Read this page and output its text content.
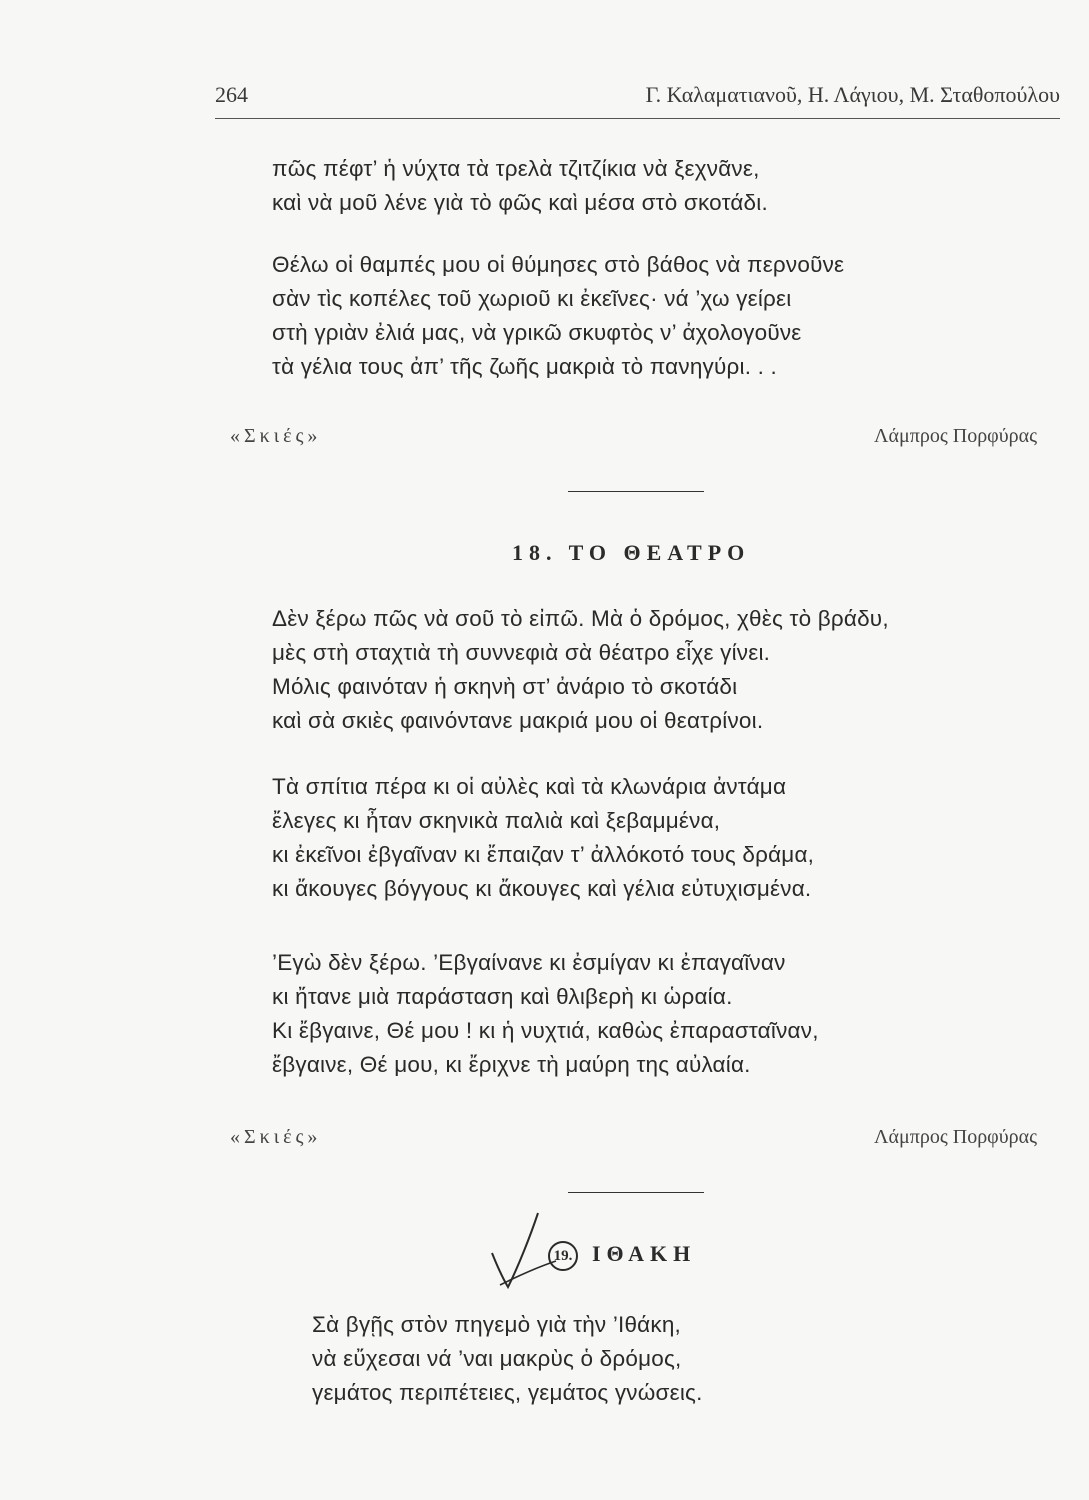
264	Γ. Καλαματιανοῦ, Η. Λάγιου, Μ. Σταθοπούλου
πῶς πέφτ’ ἡ νύχτα τὰ τρελὰ τζιτζίκια νὰ ξεχνᾶνε,
καὶ νὰ μοῦ λένε γιὰ τὸ φῶς καὶ μέσα στὸ σκοτάδι.
Θέλω οἱ θαμπές μου οἱ θύμησες στὸ βάθος νὰ περνοῦνε
σὰν τὶς κοπέλες τοῦ χωριοῦ κι ἐκεῖνες· νά ’χω γείρει
στὴ γριὰν ἐλιά μας, νὰ γρικῶ σκυφτὸς ν’ ἀχολογοῦνε
τὰ γέλια τους ἀπ’ τῆς ζωῆς μακριὰ τὸ πανηγύρι. . .
«Σκιές»	Λάμπρος Πορφύρας
18. ΤΟ ΘΕΑΤΡΟ
Δὲν ξέρω πῶς νὰ σοῦ τὸ εἰπῶ. Μὰ ὁ δρόμος, χθὲς τὸ βράδυ,
μὲς στὴ σταχτιὰ τὴ συννεφιὰ σὰ θέατρο εἶχε γίνει.
Μόλις φαινόταν ἡ σκηνὴ στ’ ἀνάριο τὸ σκοτάδι
καὶ σὰ σκιὲς φαινόντανε μακριά μου οἱ θεατρίνοι.
Τὰ σπίτια πέρα κι οἱ αὐλὲς καὶ τὰ κλωνάρια ἀντάμα
ἔλεγες κι ἦταν σκηνικὰ παλιὰ καὶ ξεβαμμένα,
κι ἐκεῖνοι ἐβγαῖναν κι ἔπαιζαν τ’ ἀλλόκοτό τους δράμα,
κι ἄκουγες βόγγους κι ἄκουγες καὶ γέλια εὐτυχισμένα.
’Εγὼ δὲν ξέρω. ’Εβγαίνανε κι ἐσμίγαν κι ἐπαγαῖναν
κι ἤτανε μιὰ παράσταση καὶ θλιβερὴ κι ὡραία.
Κι ἔβγαινε, Θέ μου ! κι ἡ νυχτιά, καθὼς ἐπαρασταῖναν,
ἔβγαινε, Θέ μου, κι ἔριχνε τὴ μαύρη της αὐλαία.
«Σκιές»	Λάμπρος Πορφύρας
19. ΙΘΑΚΗ
Σὰ βγῇς στὸν πηγεμὸ γιὰ τὴν ’Ιθάκη,
νὰ εὔχεσαι νά ’ναι μακρὺς ὁ δρόμος,
γεμάτος περιπέτειες, γεμάτος γνώσεις.
